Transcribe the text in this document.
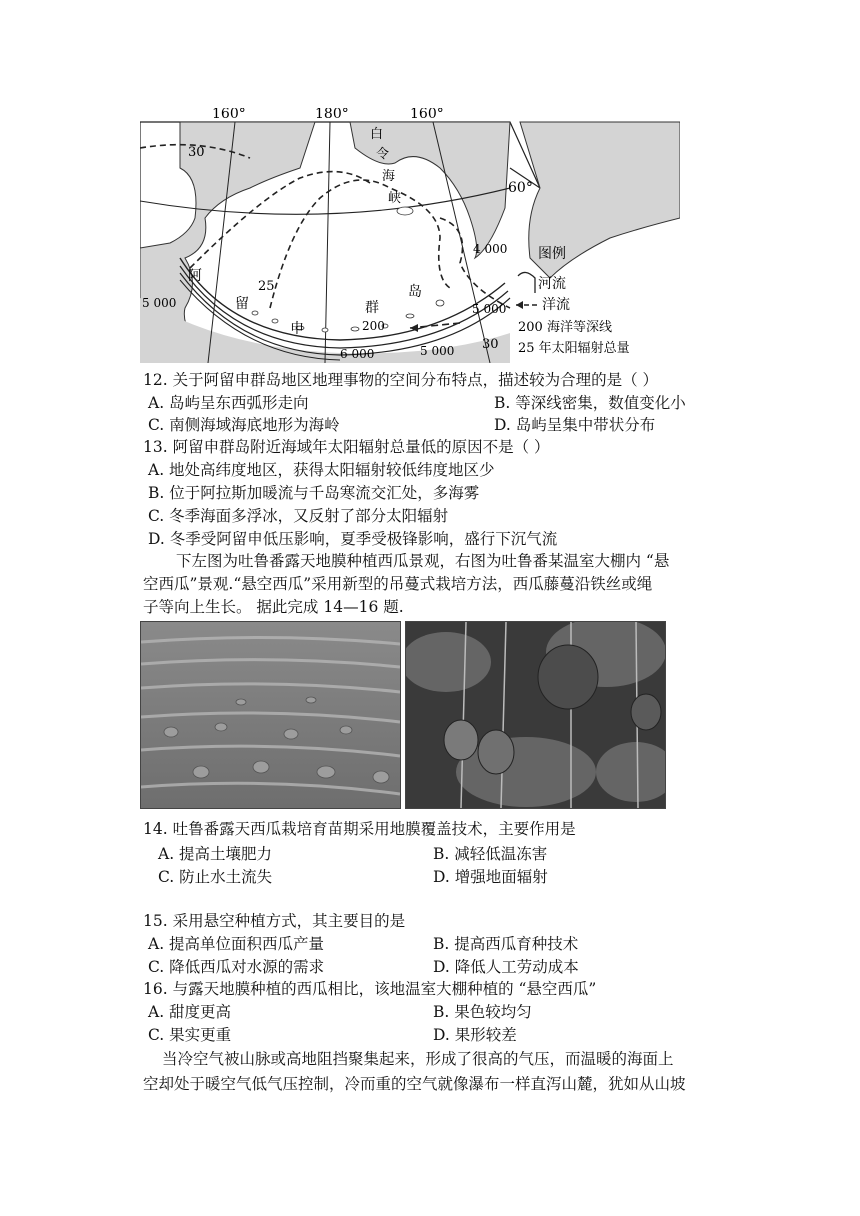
160°	180°	160°
60°
30
25
30
5 000
6 000	5 000
200
5 000
4 000
5 000
白
令
海
峡
阿
留
申
群
岛
图例
河流
洋流
200 海洋等深线
25 年太阳辐射总量
12. 关于阿留申群岛地区地理事物的空间分布特点，描述较为合理的是（ ）
A. 岛屿呈东西弧形走向	B. 等深线密集，数值变化小
C. 南侧海域海底地形为海岭	D. 岛屿呈集中带状分布
13. 阿留申群岛附近海域年太阳辐射总量低的原因不是（ ）
A. 地处高纬度地区，获得太阳辐射较低纬度地区少
B. 位于阿拉斯加暖流与千岛寒流交汇处，多海雾
C. 冬季海面多浮冰，又反射了部分太阳辐射
D. 冬季受阿留申低压影响，夏季受极锋影响，盛行下沉气流
下左图为吐鲁番露天地膜种植西瓜景观，右图为吐鲁番某温室大棚内 “悬
空西瓜”景观.“悬空西瓜”采用新型的吊蔓式栽培方法，西瓜藤蔓沿铁丝或绳
子等向上生长。 据此完成 14—16 题.
14. 吐鲁番露天西瓜栽培育苗期采用地膜覆盖技术，主要作用是
A. 提高土壤肥力	B. 减轻低温冻害
C. 防止水土流失	D. 增强地面辐射
15. 采用悬空种植方式，其主要目的是
A. 提高单位面积西瓜产量	B. 提高西瓜育种技术
C. 降低西瓜对水源的需求	D. 降低人工劳动成本
16. 与露天地膜种植的西瓜相比，该地温室大棚种植的 “悬空西瓜”
A. 甜度更高	B. 果色较均匀
C. 果实更重	D. 果形较差
当冷空气被山脉或高地阻挡聚集起来，形成了很高的气压，而温暖的海面上
空却处于暖空气低气压控制，冷而重的空气就像瀑布一样直泻山麓，犹如从山坡
